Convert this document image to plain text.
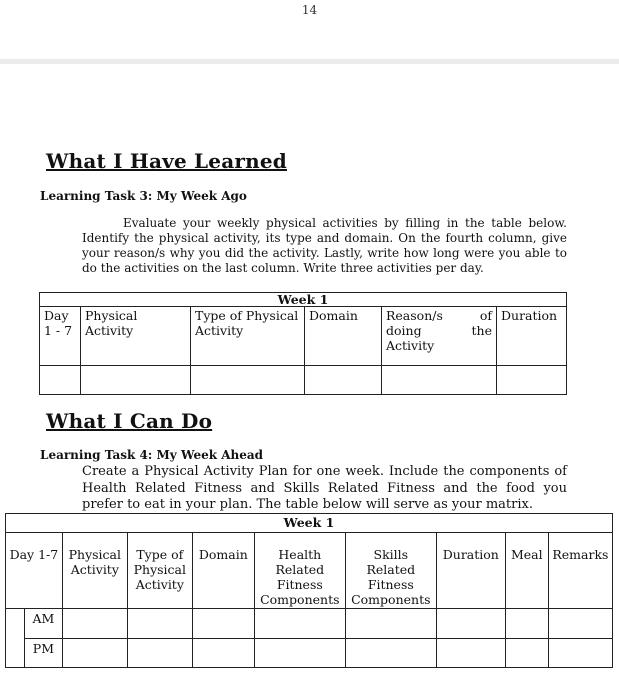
14
What I Have Learned
Learning Task 3: My Week Ago
Evaluate your weekly physical activities by filling in the table below. Identify the physical activity, its type and domain. On the fourth column, give your reason/s why you did the activity. Lastly, write how long were you able to do the activities on the last column. Write three activities per day.
Week 1					
Day 1 - 7	Physical Activity	Type of Physical Activity	Domain	Reason/s of doing the Activity	Duration

What I Can Do
Learning Task 4: My Week Ahead
Create a Physical Activity Plan for one week. Include the components of Health Related Fitness and Skills Related Fitness and the food you prefer to eat in your plan. The table below will serve as your matrix.
Week 1									
Day 1-7		Physical Activity	Type of Physical Activity	Domain	Health Related Fitness Components	Skills Related Fitness Components	Duration	Meal	Remarks
	AM								
	PM								
